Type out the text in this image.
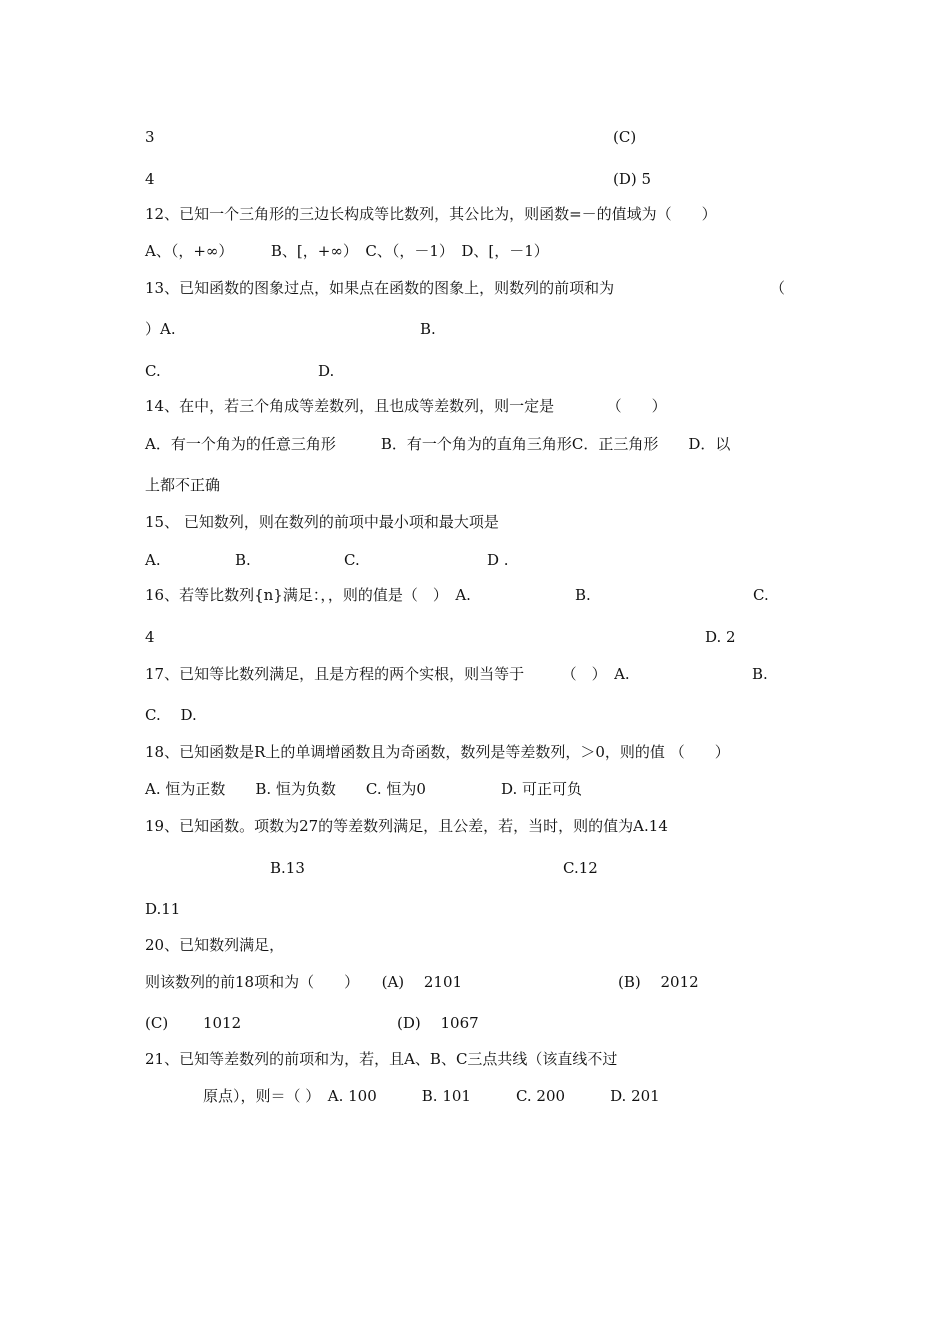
3	(C)
4	(D) 5
12、已知一个三角形的三边长构成等比数列，其公比为，则函数=－的值域为（　　）
A、（，+∞）　　　B、[，+∞）　C、（，－1）　D、[，－1）
13、已知函数的图象过点，如果点在函数的图象上，则数列的前项和为	（
）A.	B.
C.	D.
14、在中，若三个角成等差数列，且也成等差数列，则一定是　　　　（　　）
A．有一个角为的任意三角形　　　B．有一个角为的直角三角形C．正三角形　　D．以
上都不正确
15、 已知数列，则在数列的前项中最小项和最大项是
A.	B.	C.	D .
16、若等比数列{n}满足：，，则的值是（　）　A.	B.	C.
4	D. 2
17、已知等比数列满足，且是方程的两个实根，则当等于　　　（　）　A.	B.
C.　 D.
18、已知函数是R上的单调增函数且为奇函数，数列是等差数列，＞0，则的值 （　　）
A. 恒为正数　　B. 恒为负数　　C. 恒为0　　　　　D. 可正可负
19、已知函数。项数为27的等差数列满足，且公差，若，当时，则的值为A.14
B.13	C.12
D.11
20、已知数列满足，
则该数列的前18项和为（　　）　　(A)　 2101	(B)　 2012
(C)　　 1012	(D)　 1067
21、已知等差数列的前项和为，若，且A、B、C三点共线（该直线不过
原点），则＝（ ）　A. 100　　　B. 101　　　C. 200　　　D. 201
